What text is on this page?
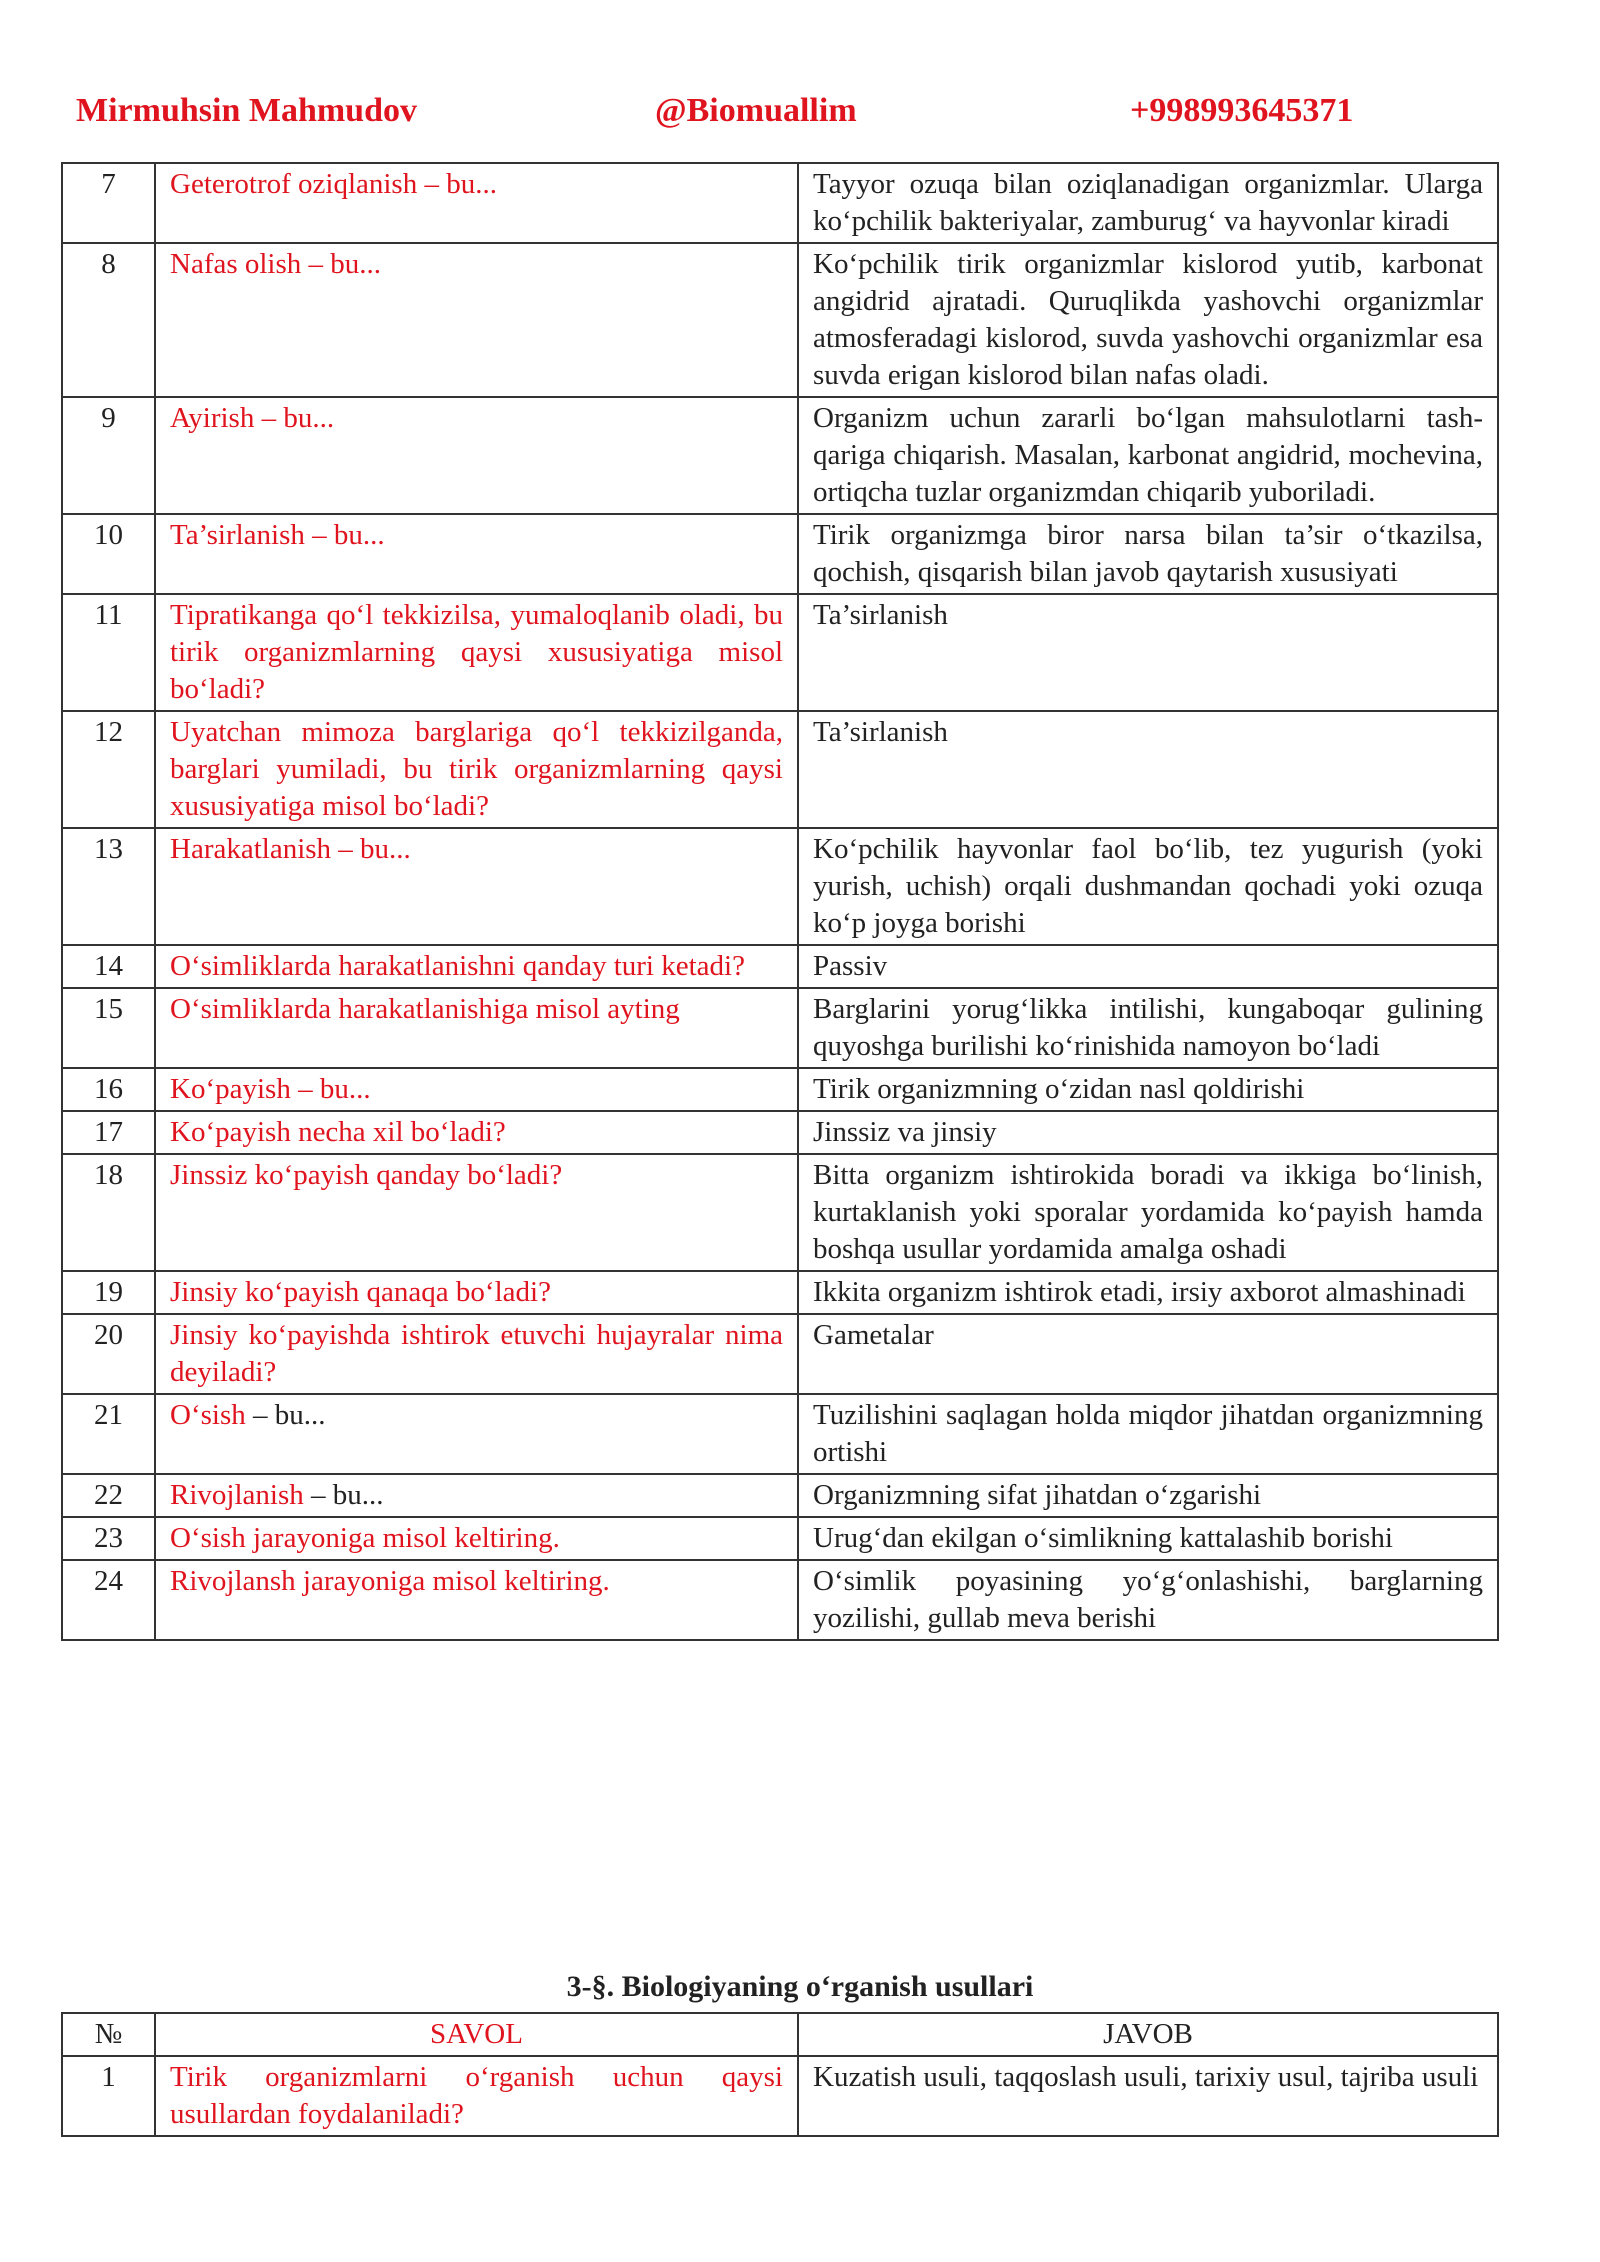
Mirmuhsin Mahmudov	@Biomuallim	+998993645371
7	Geterotrof oziqlanish – bu...	Tayyor ozuqa bilan oziqlanadigan organizmlar. Ularga ko‘pchilik bakteriyalar, zamburug‘ va hayvonlar kiradi
8	Nafas olish – bu...	Ko‘pchilik tirik organizmlar kislorod yutib, karbonat angidrid ajratadi. Quruqlikda yashovchi organizmlar atmosferadagi kislorod, suvda yashovchi organizmlar esa suvda erigan kislorod bilan nafas oladi.
9	Ayirish – bu...	Organizm uchun zararli bo‘lgan mahsulotlarni tash-qariga chiqarish. Masalan, karbonat angidrid, mochevina, ortiqcha tuzlar organizmdan chiqarib yuboriladi.
10	Ta’sirlanish – bu...	Tirik organizmga biror narsa bilan ta’sir o‘tkazilsa, qochish, qisqarish bilan javob qaytarish xususiyati
11	Tipratikanga qo‘l tekkizilsa, yumaloqlanib oladi, bu tirik organizmlarning qaysi xususiyatiga misol bo‘ladi?	Ta’sirlanish
12	Uyatchan mimoza barglariga qo‘l tekkizilganda, barglari yumiladi, bu tirik organizmlarning qaysi xususiyatiga misol bo‘ladi?	Ta’sirlanish
13	Harakatlanish – bu...	Ko‘pchilik hayvonlar faol bo‘lib, tez yugurish (yoki yurish, uchish) orqali dushmandan qochadi yoki ozuqa ko‘p joyga borishi
14	O‘simliklarda harakatlanishni qanday turi ketadi?	Passiv
15	O‘simliklarda harakatlanishiga misol ayting	Barglarini yorug‘likka intilishi, kungaboqar gulining quyoshga burilishi ko‘rinishida namoyon bo‘ladi
16	Ko‘payish – bu...	Tirik organizmning o‘zidan nasl qoldirishi
17	Ko‘payish necha xil bo‘ladi?	Jinssiz va jinsiy
18	Jinssiz ko‘payish qanday bo‘ladi?	Bitta organizm ishtirokida boradi va ikkiga bo‘linish, kurtaklanish yoki sporalar yordamida ko‘payish hamda boshqa usullar yordamida amalga oshadi
19	Jinsiy ko‘payish qanaqa bo‘ladi?	Ikkita organizm ishtirok etadi, irsiy axborot almashinadi
20	Jinsiy ko‘payishda ishtirok etuvchi hujayralar nima deyiladi?	Gametalar
21	O‘sish – bu...	Tuzilishini saqlagan holda miqdor jihatdan organizmning ortishi
22	Rivojlanish – bu...	Organizmning sifat jihatdan o‘zgarishi
23	O‘sish jarayoniga misol keltiring.	Urug‘dan ekilgan o‘simlikning kattalashib borishi
24	Rivojlansh jarayoniga misol keltiring.	O‘simlik poyasining yo‘g‘onlashishi, barglarning yozilishi, gullab meva berishi
3-§. Biologiyaning o‘rganish usullari
№	SAVOL	JAVOB
1	Tirik organizmlarni o‘rganish uchun qaysi usullardan foydalaniladi?	Kuzatish usuli, taqqoslash usuli, tarixiy usul, tajriba usuli
